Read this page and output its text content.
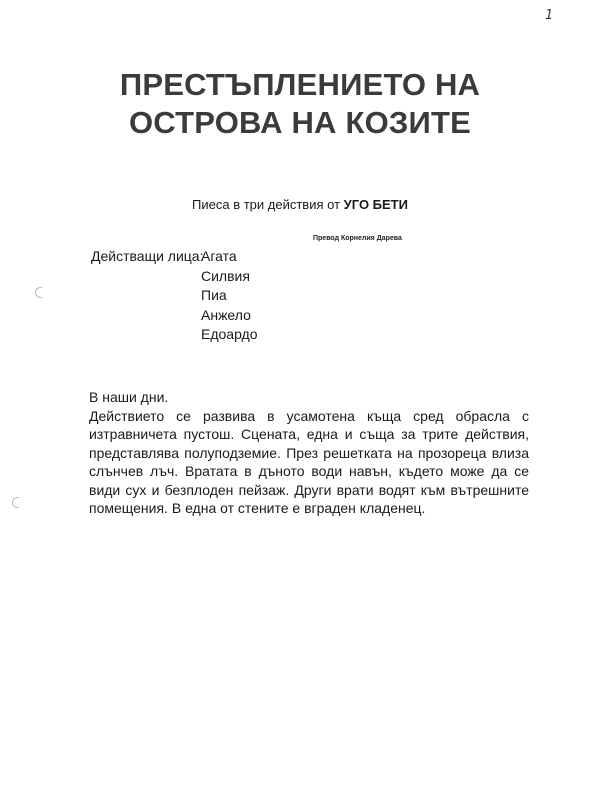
1
ПРЕСТЪПЛЕНИЕТО НА
ОСТРОВА НА КОЗИТЕ
Пиеса в три действия от УГО БЕТИ
Превод Корнелия Дарева
Действащи лица:
Агата
Силвия
Пиа
Анжело
Едоардо
В наши дни.
Действието се развива в усамотена къща сред обрасла с изтравничета пустош. Сцената, една и съща за трите действия, представлява полуподземие. През решетката на прозореца влиза слънчев лъч. Вратата в дъното води навън, където може да се види сух и безплоден пейзаж. Други врати водят към вътрешните помещения. В една от стените е вграден кладенец.
